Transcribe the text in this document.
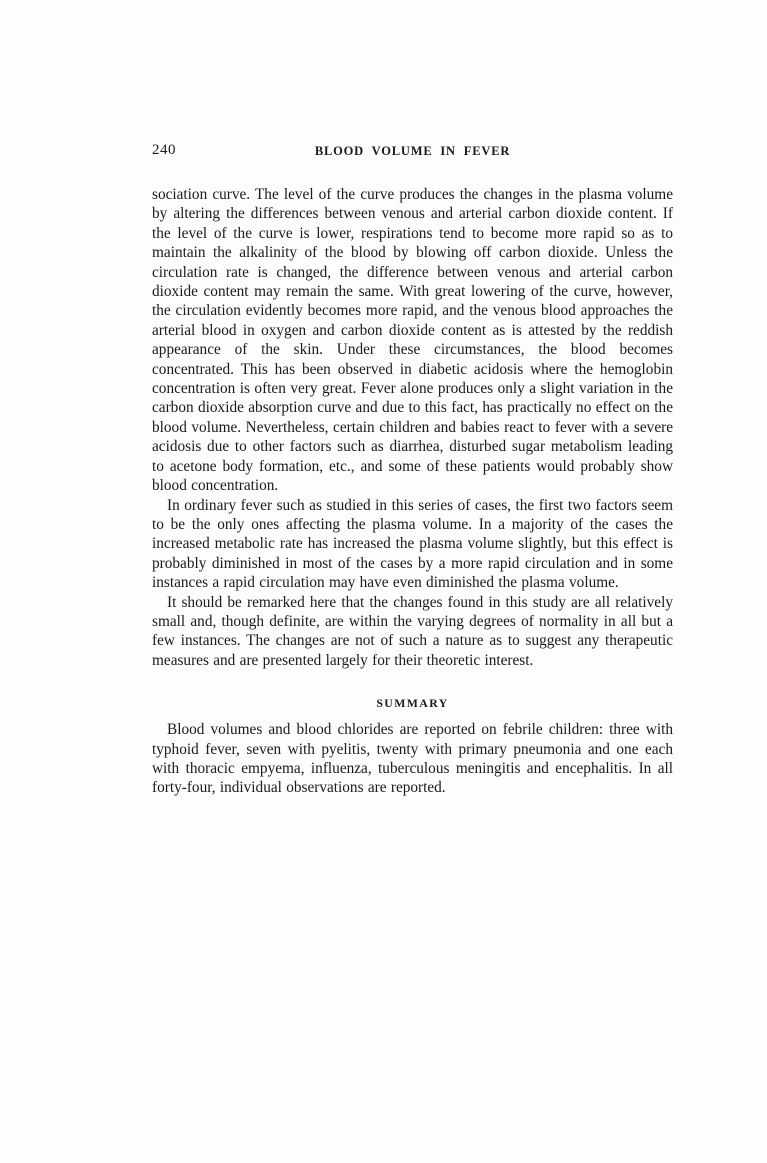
240	BLOOD VOLUME IN FEVER

sociation curve. The level of the curve produces the changes in the plasma volume by altering the differences between venous and arterial carbon dioxide content. If the level of the curve is lower, respirations tend to become more rapid so as to maintain the alkalinity of the blood by blowing off carbon dioxide. Unless the circulation rate is changed, the difference between venous and arterial carbon dioxide content may remain the same. With great lowering of the curve, however, the circulation evidently becomes more rapid, and the venous blood approaches the arterial blood in oxygen and carbon dioxide content as is attested by the reddish appearance of the skin. Under these circumstances, the blood becomes concentrated. This has been observed in diabetic acidosis where the hemoglobin concentration is often very great. Fever alone produces only a slight variation in the carbon dioxide absorption curve and due to this fact, has practically no effect on the blood volume. Nevertheless, certain children and babies react to fever with a severe acidosis due to other factors such as diarrhea, disturbed sugar metabolism leading to acetone body formation, etc., and some of these patients would probably show blood concentration.

In ordinary fever such as studied in this series of cases, the first two factors seem to be the only ones affecting the plasma volume. In a majority of the cases the increased metabolic rate has increased the plasma volume slightly, but this effect is probably diminished in most of the cases by a more rapid circulation and in some instances a rapid circulation may have even diminished the plasma volume.

It should be remarked here that the changes found in this study are all relatively small and, though definite, are within the varying degrees of normality in all but a few instances. The changes are not of such a nature as to suggest any therapeutic measures and are presented largely for their theoretic interest.

SUMMARY

Blood volumes and blood chlorides are reported on febrile children: three with typhoid fever, seven with pyelitis, twenty with primary pneumonia and one each with thoracic empyema, influenza, tuberculous meningitis and encephalitis. In all forty-four, individual observations are reported.
